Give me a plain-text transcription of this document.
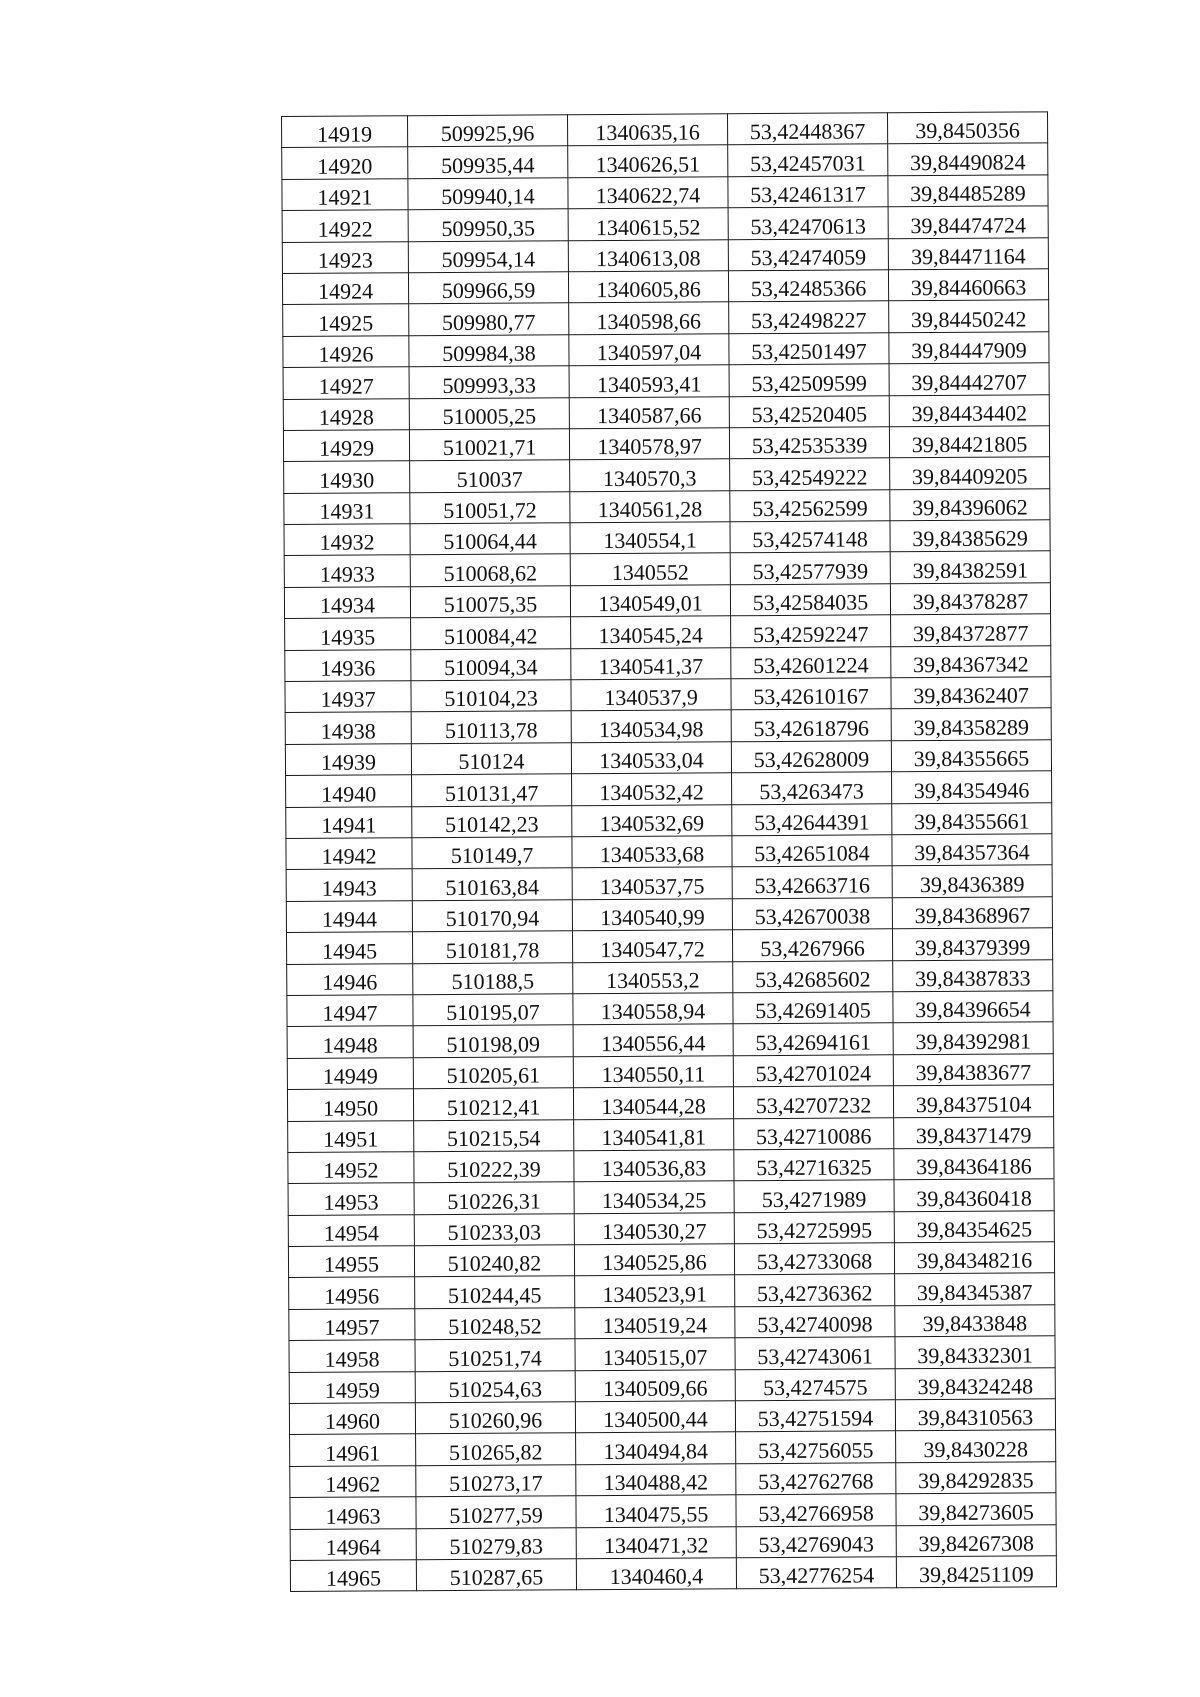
14919	509925,96	1340635,16	53,42448367	39,8450356
14920	509935,44	1340626,51	53,42457031	39,84490824
14921	509940,14	1340622,74	53,42461317	39,84485289
14922	509950,35	1340615,52	53,42470613	39,84474724
14923	509954,14	1340613,08	53,42474059	39,84471164
14924	509966,59	1340605,86	53,42485366	39,84460663
14925	509980,77	1340598,66	53,42498227	39,84450242
14926	509984,38	1340597,04	53,42501497	39,84447909
14927	509993,33	1340593,41	53,42509599	39,84442707
14928	510005,25	1340587,66	53,42520405	39,84434402
14929	510021,71	1340578,97	53,42535339	39,84421805
14930	510037	1340570,3	53,42549222	39,84409205
14931	510051,72	1340561,28	53,42562599	39,84396062
14932	510064,44	1340554,1	53,42574148	39,84385629
14933	510068,62	1340552	53,42577939	39,84382591
14934	510075,35	1340549,01	53,42584035	39,84378287
14935	510084,42	1340545,24	53,42592247	39,84372877
14936	510094,34	1340541,37	53,42601224	39,84367342
14937	510104,23	1340537,9	53,42610167	39,84362407
14938	510113,78	1340534,98	53,42618796	39,84358289
14939	510124	1340533,04	53,42628009	39,84355665
14940	510131,47	1340532,42	53,4263473	39,84354946
14941	510142,23	1340532,69	53,42644391	39,84355661
14942	510149,7	1340533,68	53,42651084	39,84357364
14943	510163,84	1340537,75	53,42663716	39,8436389
14944	510170,94	1340540,99	53,42670038	39,84368967
14945	510181,78	1340547,72	53,4267966	39,84379399
14946	510188,5	1340553,2	53,42685602	39,84387833
14947	510195,07	1340558,94	53,42691405	39,84396654
14948	510198,09	1340556,44	53,42694161	39,84392981
14949	510205,61	1340550,11	53,42701024	39,84383677
14950	510212,41	1340544,28	53,42707232	39,84375104
14951	510215,54	1340541,81	53,42710086	39,84371479
14952	510222,39	1340536,83	53,42716325	39,84364186
14953	510226,31	1340534,25	53,4271989	39,84360418
14954	510233,03	1340530,27	53,42725995	39,84354625
14955	510240,82	1340525,86	53,42733068	39,84348216
14956	510244,45	1340523,91	53,42736362	39,84345387
14957	510248,52	1340519,24	53,42740098	39,8433848
14958	510251,74	1340515,07	53,42743061	39,84332301
14959	510254,63	1340509,66	53,4274575	39,84324248
14960	510260,96	1340500,44	53,42751594	39,84310563
14961	510265,82	1340494,84	53,42756055	39,8430228
14962	510273,17	1340488,42	53,42762768	39,84292835
14963	510277,59	1340475,55	53,42766958	39,84273605
14964	510279,83	1340471,32	53,42769043	39,84267308
14965	510287,65	1340460,4	53,42776254	39,84251109
